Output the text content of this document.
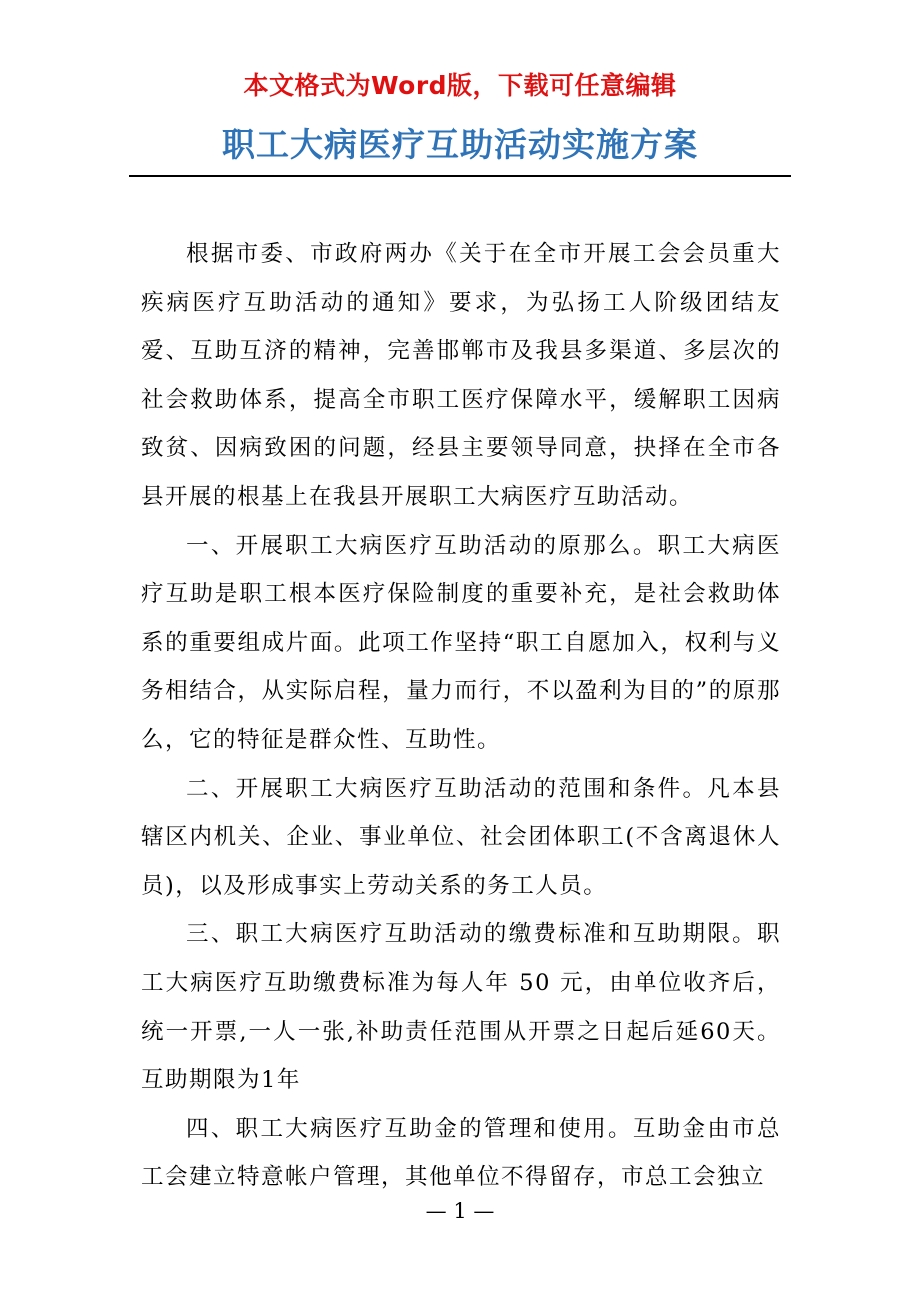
本文格式为Word版，下载可任意编辑
职工大病医疗互助活动实施方案

根据市委、市政府两办《关于在全市开展工会会员重大疾病医疗互助活动的通知》要求，为弘扬工人阶级团结友爱、互助互济的精神，完善邯郸市及我县多渠道、多层次的社会救助体系，提高全市职工医疗保障水平，缓解职工因病致贫、因病致困的问题，经县主要领导同意，抉择在全市各县开展的根基上在我县开展职工大病医疗互助活动。

一、开展职工大病医疗互助活动的原那么。职工大病医疗互助是职工根本医疗保险制度的重要补充，是社会救助体系的重要组成片面。此项工作坚持“职工自愿加入，权利与义务相结合，从实际启程，量力而行，不以盈利为目的”的原那么，它的特征是群众性、互助性。

二、开展职工大病医疗互助活动的范围和条件。凡本县辖区内机关、企业、事业单位、社会团体职工(不含离退休人员)，以及形成事实上劳动关系的务工人员。

三、职工大病医疗互助活动的缴费标准和互助期限。职工大病医疗互助缴费标准为每人年 50 元，由单位收齐后，统一开票,一人一张,补助责任范围从开票之日起后延60天。互助期限为1年

四、职工大病医疗互助金的管理和使用。互助金由市总工会建立特意帐户管理，其他单位不得留存，市总工会独立

— 1 —
